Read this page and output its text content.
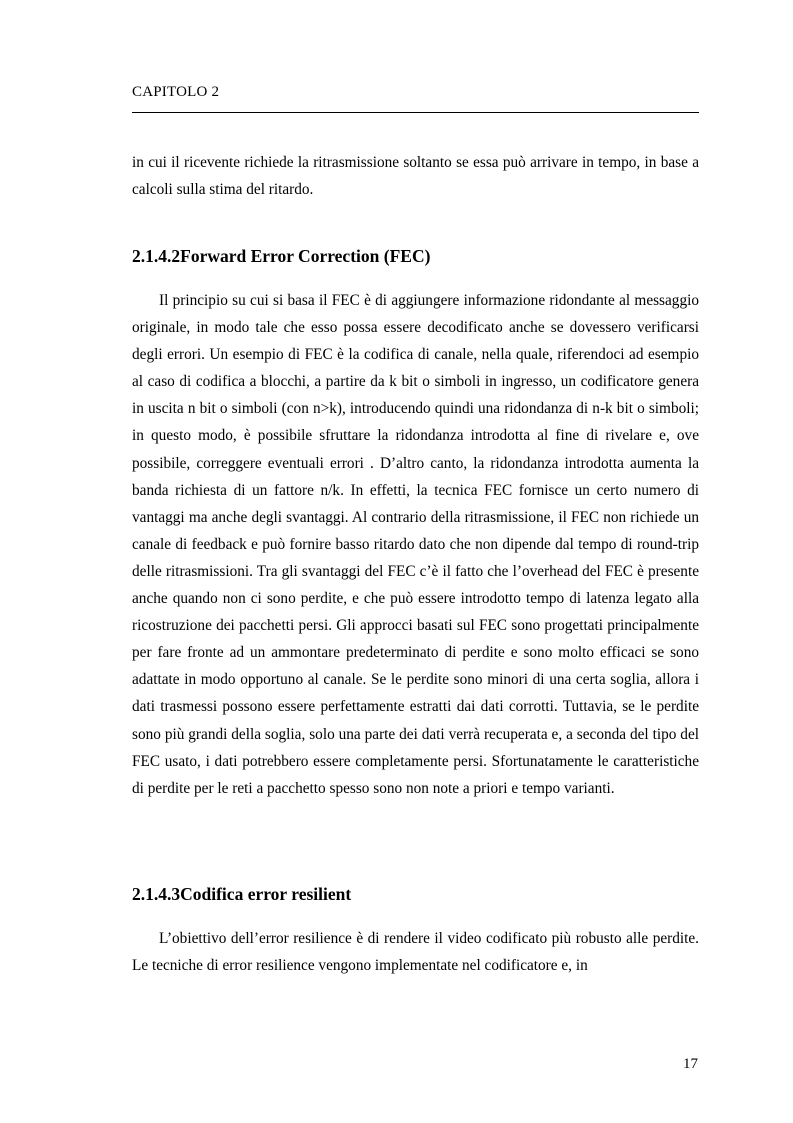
CAPITOLO 2

in cui il ricevente richiede la ritrasmissione soltanto se essa può arrivare in tempo, in base a calcoli sulla stima del ritardo.

2.1.4.2Forward Error Correction (FEC)

Il principio su cui si basa il FEC è di aggiungere informazione ridondante al messaggio originale, in modo tale che esso possa essere decodificato anche se dovessero verificarsi degli errori. Un esempio di FEC è la codifica di canale, nella quale, riferendoci ad esempio al caso di codifica a blocchi, a partire da k bit o simboli in ingresso, un codificatore genera in uscita n bit o simboli (con n>k), introducendo quindi una ridondanza di n-k bit o simboli; in questo modo, è possibile sfruttare la ridondanza introdotta al fine di rivelare e, ove possibile, correggere eventuali errori . D’altro canto, la ridondanza introdotta aumenta la banda richiesta di un fattore n/k. In effetti, la tecnica FEC fornisce un certo numero di vantaggi ma anche degli svantaggi. Al contrario della ritrasmissione, il FEC non richiede un canale di feedback e può fornire basso ritardo dato che non dipende dal tempo di round-trip delle ritrasmissioni. Tra gli svantaggi del FEC c’è il fatto che l’overhead del FEC è presente anche quando non ci sono perdite, e che può essere introdotto tempo di latenza legato alla ricostruzione dei pacchetti persi. Gli approcci basati sul FEC sono progettati principalmente per fare fronte ad un ammontare predeterminato di perdite e sono molto efficaci se sono adattate in modo opportuno al canale. Se le perdite sono minori di una certa soglia, allora i dati trasmessi possono essere perfettamente estratti dai dati corrotti. Tuttavia, se le perdite sono più grandi della soglia, solo una parte dei dati verrà recuperata e, a seconda del tipo del FEC usato, i dati potrebbero essere completamente persi. Sfortunatamente le caratteristiche di perdite per le reti a pacchetto spesso sono non note a priori e tempo varianti.

2.1.4.3Codifica error resilient

L’obiettivo dell’error resilience è di rendere il video codificato più robusto alle perdite. Le tecniche di error resilience vengono implementate nel codificatore e, in

17
